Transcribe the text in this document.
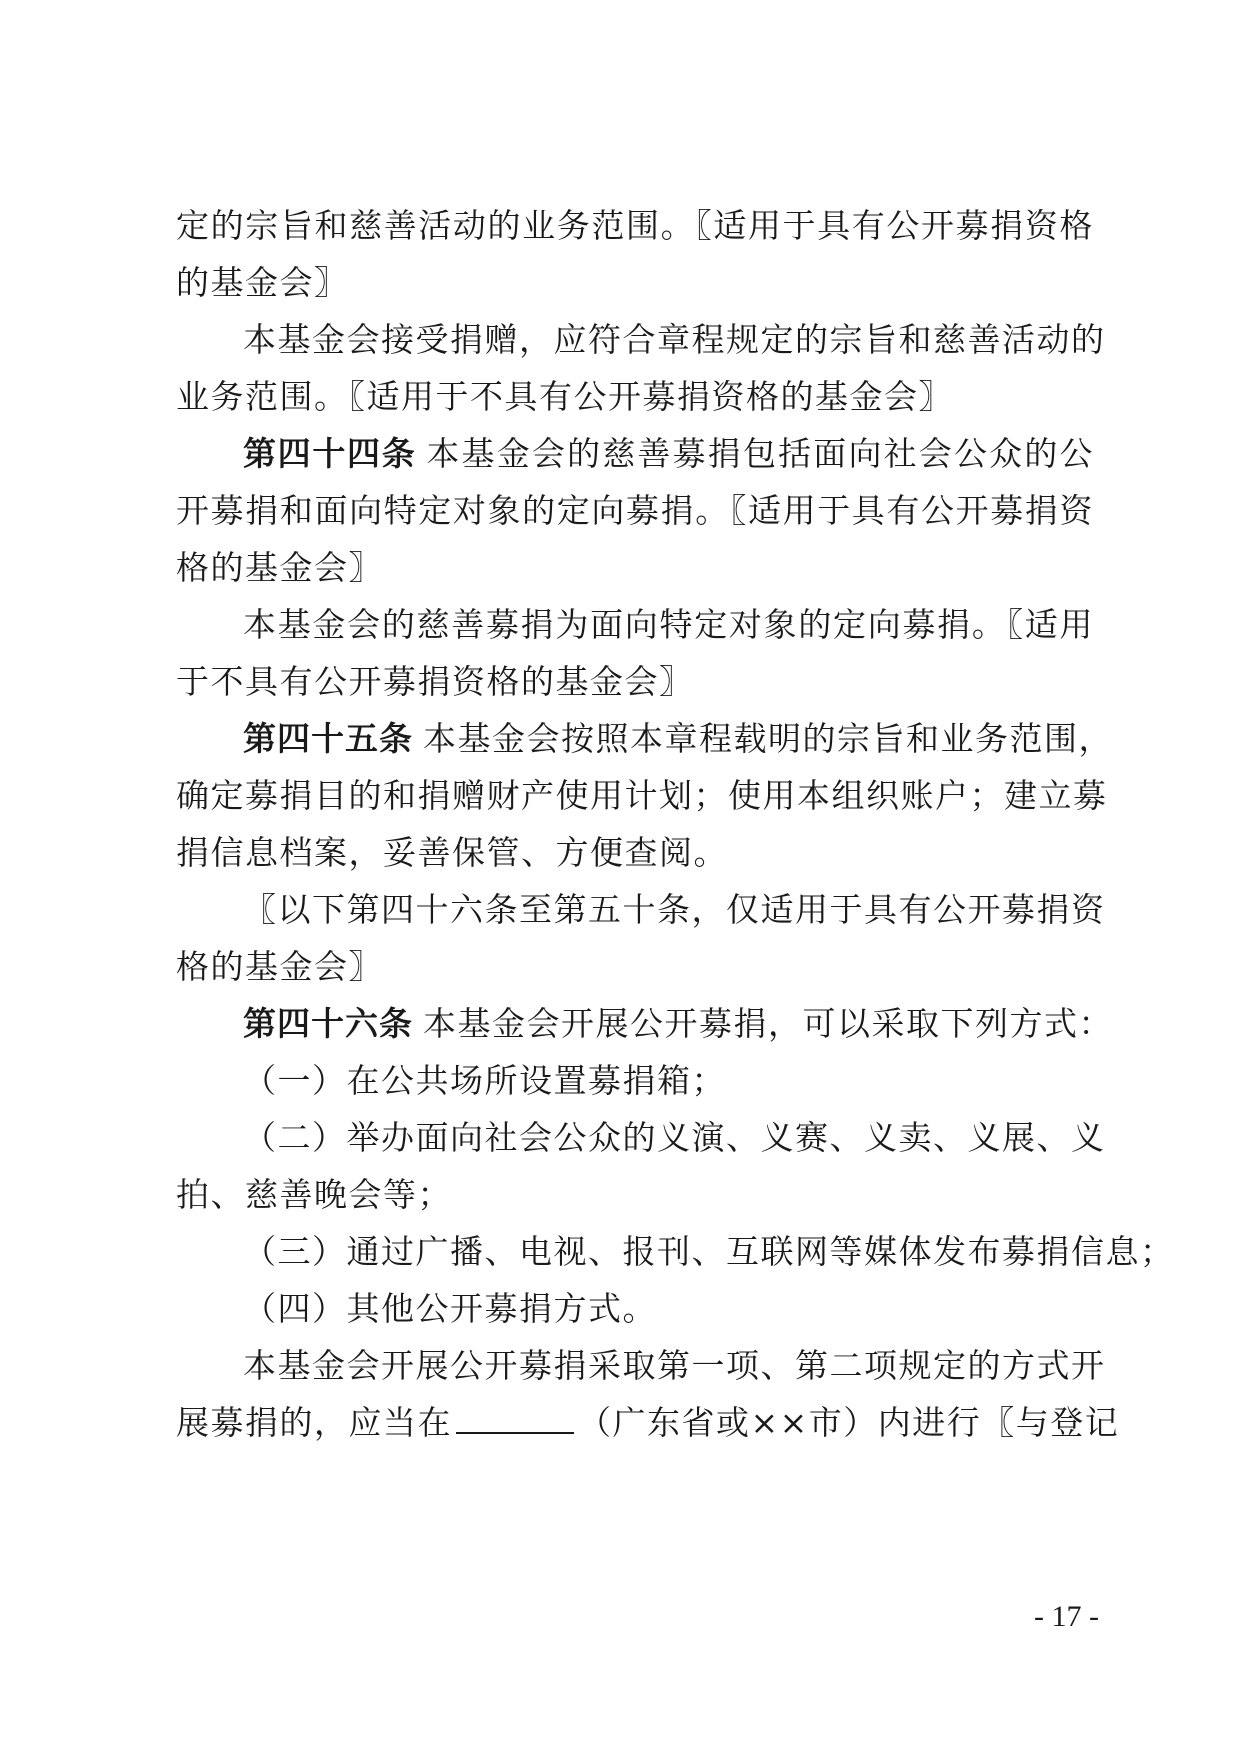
定的宗旨和慈善活动的业务范围。〖适用于具有公开募捐资格
的基金会〗
本基金会接受捐赠，应符合章程规定的宗旨和慈善活动的
业务范围。〖适用于不具有公开募捐资格的基金会〗
第四十四条 本基金会的慈善募捐包括面向社会公众的公
开募捐和面向特定对象的定向募捐。〖适用于具有公开募捐资
格的基金会〗
本基金会的慈善募捐为面向特定对象的定向募捐。〖适用
于不具有公开募捐资格的基金会〗
第四十五条 本基金会按照本章程载明的宗旨和业务范围，
确定募捐目的和捐赠财产使用计划；使用本组织账户；建立募
捐信息档案，妥善保管、方便查阅。
〖以下第四十六条至第五十条，仅适用于具有公开募捐资
格的基金会〗
第四十六条 本基金会开展公开募捐，可以采取下列方式：
（一）在公共场所设置募捐箱；
（二）举办面向社会公众的义演、义赛、义卖、义展、义
拍、慈善晚会等；
（三）通过广播、电视、报刊、互联网等媒体发布募捐信息；
（四）其他公开募捐方式。
本基金会开展公开募捐采取第一项、第二项规定的方式开
展募捐的，应当在	（广东省或××市）内进行〖与登记
- 17 -
